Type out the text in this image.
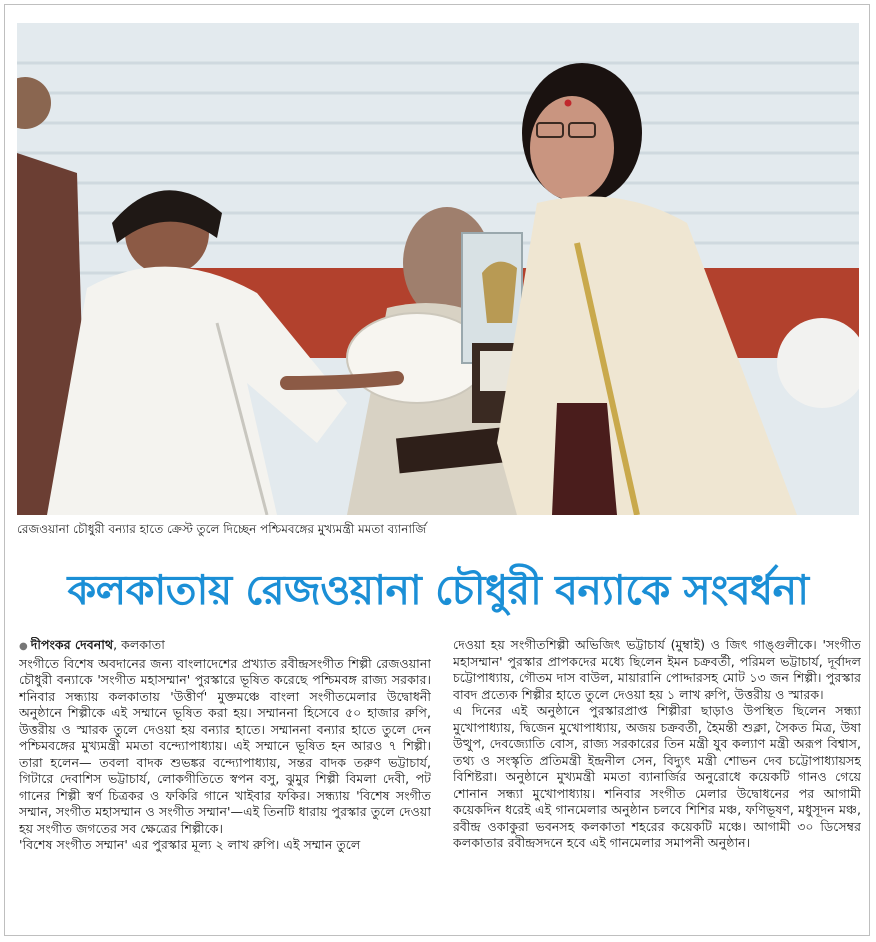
রেজওয়ানা চৌধুরী বন্যার হাতে ক্রেস্ট তুলে দিচ্ছেন পশ্চিমবঙ্গের মুখ্যমন্ত্রী মমতা ব্যানার্জি
কলকাতায় রেজওয়ানা চৌধুরী বন্যাকে সংবর্ধনা
● দীপংকর দেবনাথ, কলকাতা

সংগীতে বিশেষ অবদানের জন্য বাংলাদেশের প্রখ্যাত রবীন্দ্রসংগীত শিল্পী রেজওয়ানা চৌধুরী বন্যাকে 'সংগীত মহাসম্মান' পুরস্কারে ভূষিত করেছে পশ্চিমবঙ্গ রাজ্য সরকার। শনিবার সন্ধ্যায় কলকাতায় 'উত্তীর্ণ' মুক্তমঞ্চে বাংলা সংগীতমেলার উদ্বোধনী অনুষ্ঠানে শিল্পীকে এই সম্মানে ভূষিত করা হয়। সম্মাননা হিসেবে ৫০ হাজার রুপি, উত্তরীয় ও স্মারক তুলে দেওয়া হয় বন্যার হাতে। সম্মাননা বন্যার হাতে তুলে দেন পশ্চিমবঙ্গের মুখ্যমন্ত্রী মমতা বন্দ্যোপাধ্যায়। এই সম্মানে ভূষিত হন আরও ৭ শিল্পী। তারা হলেন— তবলা বাদক শুভঙ্কর বন্দ্যোপাধ্যায়, সন্তর বাদক তরুণ ভট্টাচার্য, গিটারে দেবাশিস ভট্টাচার্য, লোকগীতিতে স্বপন বসু, ঝুমুর শিল্পী বিমলা দেবী, পট গানের শিল্পী স্বর্ণ চিত্রকর ও ফকিরি গানে খাইবার ফকির। সন্ধ্যায় 'বিশেষ সংগীত সম্মান, সংগীত মহাসম্মান ও সংগীত সম্মান'—এই তিনটি ধারায় পুরস্কার তুলে দেওয়া হয় সংগীত জগতের সব ক্ষেত্রের শিল্পীকে।

'বিশেষ সংগীত সম্মান' এর পুরস্কার মূল্য ২ লাখ রুপি। এই সম্মান তুলে

দেওয়া হয় সংগীতশিল্পী অভিজিৎ ভট্টাচার্য (মুম্বাই) ও জিৎ গাঙ্গুলীকে। 'সংগীত মহাসম্মান' পুরস্কার প্রাপকদের মধ্যে ছিলেন ইমন চক্রবর্তী, পরিমল ভট্টাচার্য, দূর্বাদল চট্টোপাধ্যায়, গৌতম দাস বাউল, মায়ারানি পোদ্দারসহ মোট ১৩ জন শিল্পী। পুরস্কার বাবদ প্রত্যেক শিল্পীর হাতে তুলে দেওয়া হয় ১ লাখ রুপি, উত্তরীয় ও স্মারক।

এ দিনের এই অনুষ্ঠানে পুরস্কারপ্রাপ্ত শিল্পীরা ছাড়াও উপস্থিত ছিলেন সন্ধ্যা মুখোপাধ্যায়, দ্বিজেন মুখোপাধ্যায়, অজয় চক্রবর্তী, হৈমন্তী শুক্লা, সৈকত মিত্র, উষা উত্থুপ, দেবজ্যোতি বোস, রাজ্য সরকারের তিন মন্ত্রী যুব কল্যাণ মন্ত্রী অরূপ বিশ্বাস, তথ্য ও সংস্কৃতি প্রতিমন্ত্রী ইন্দ্রনীল সেন, বিদ্যুৎ মন্ত্রী শোভন দেব চট্টোপাধ্যায়সহ বিশিষ্টরা। অনুষ্ঠানে মুখ্যমন্ত্রী মমতা ব্যানার্জির অনুরোধে কয়েকটি গানও গেয়ে শোনান সন্ধ্যা মুখোপাধ্যায়। শনিবার সংগীত মেলার উদ্বোধনের পর আগামী কয়েকদিন ধরেই এই গানমেলার অনুষ্ঠান চলবে শিশির মঞ্চ, ফণিভূষণ, মধুসূদন মঞ্চ, রবীন্দ্র ওকাকুরা ভবনসহ কলকাতা শহরের কয়েকটি মঞ্চে। আগামী ৩০ ডিসেম্বর কলকাতার রবীন্দ্রসদনে হবে এই গানমেলার সমাপনী অনুষ্ঠান।
